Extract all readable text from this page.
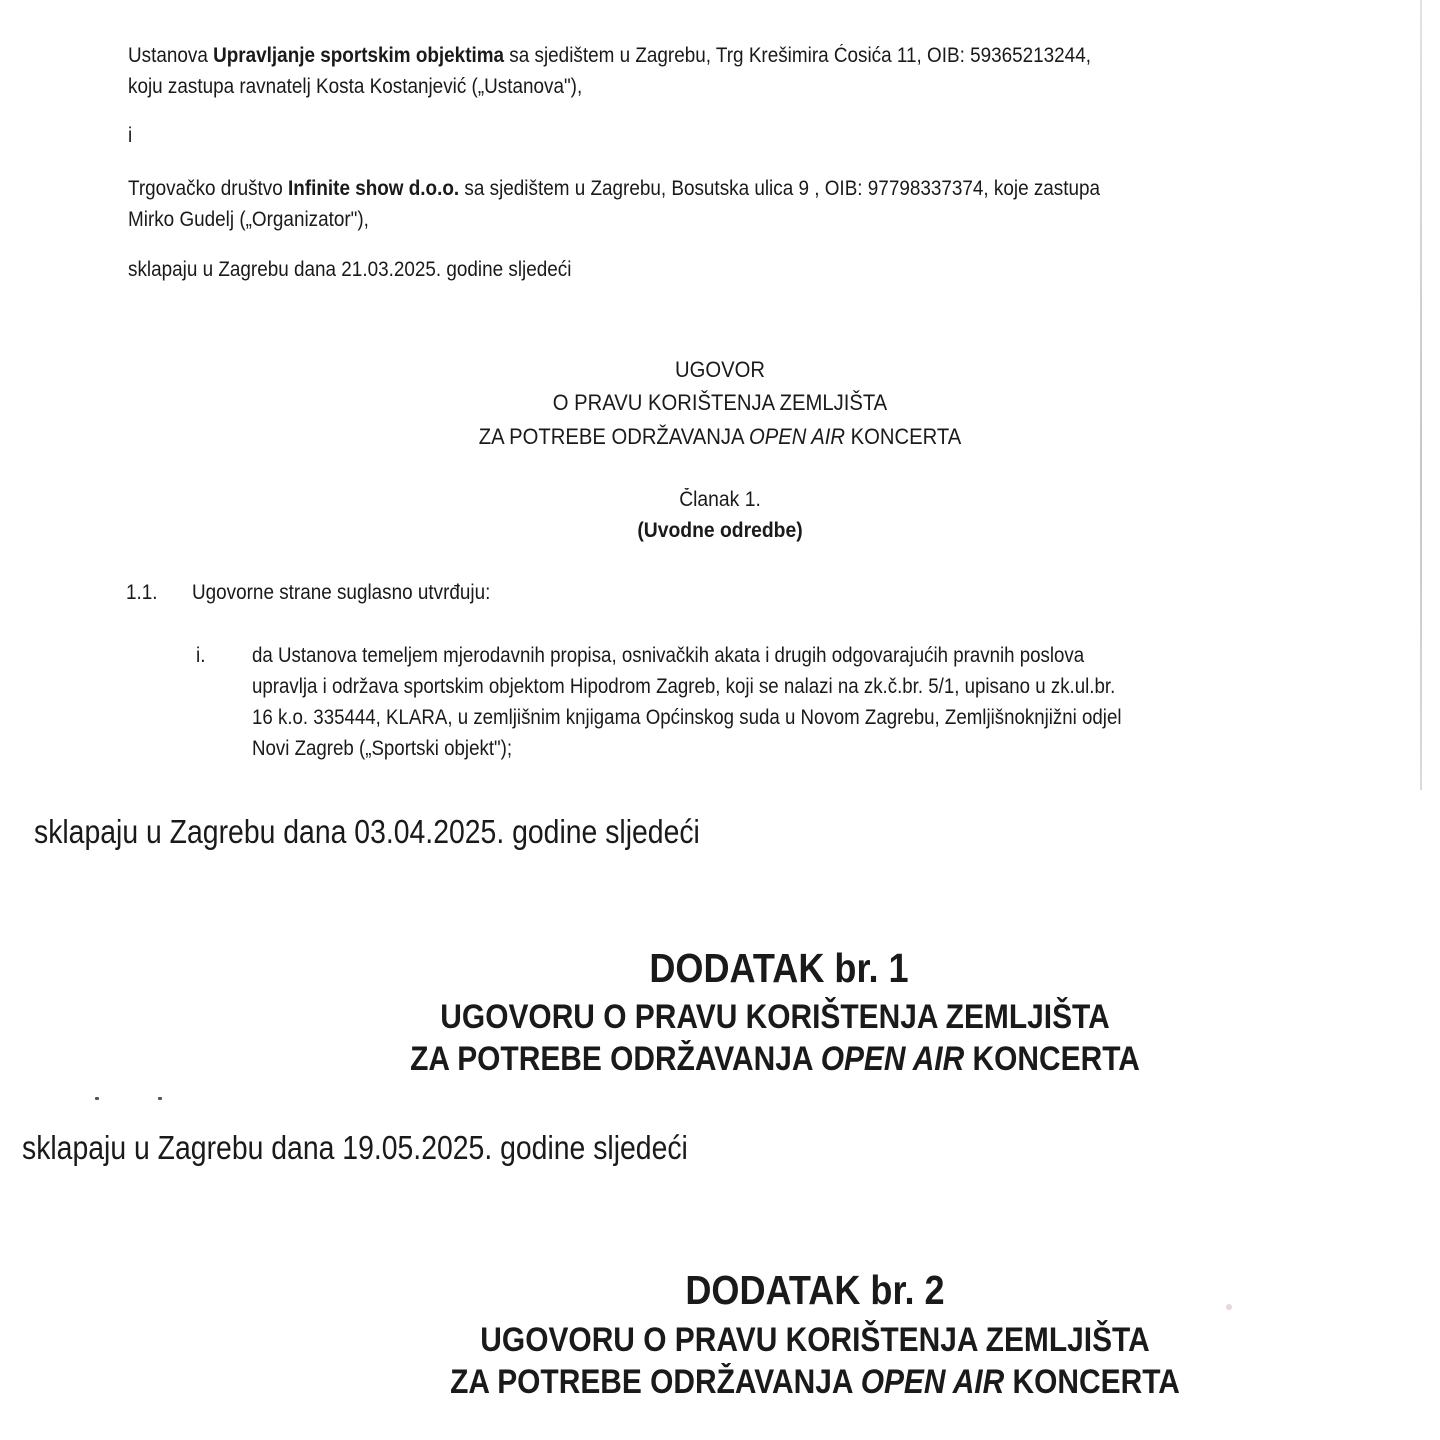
Ustanova Upravljanje sportskim objektima sa sjedištem u Zagrebu, Trg Krešimira Ćosića 11, OIB: 59365213244,
koju zastupa ravnatelj Kosta Kostanjević („Ustanova"),
i
Trgovačko društvo Infinite show d.o.o. sa sjedištem u Zagrebu, Bosutska ulica 9 , OIB: 97798337374, koje zastupa
Mirko Gudelj („Organizator"),
sklapaju u Zagrebu dana 21.03.2025. godine sljedeći
UGOVOR
O PRAVU KORIŠTENJA ZEMLJIŠTA
ZA POTREBE ODRŽAVANJA OPEN AIR KONCERTA
Članak 1.
(Uvodne odredbe)
1.1. Ugovorne strane suglasno utvrđuju:
i. da Ustanova temeljem mjerodavnih propisa, osnivačkih akata i drugih odgovarajućih pravnih poslova
upravlja i održava sportskim objektom Hipodrom Zagreb, koji se nalazi na zk.č.br. 5/1, upisano u zk.ul.br.
16 k.o. 335444, KLARA, u zemljišnim knjigama Općinskog suda u Novom Zagrebu, Zemljišnoknjižni odjel
Novi Zagreb („Sportski objekt");
sklapaju u Zagrebu dana 03.04.2025. godine sljedeći
DODATAK br. 1
UGOVORU O PRAVU KORIŠTENJA ZEMLJIŠTA
ZA POTREBE ODRŽAVANJA OPEN AIR KONCERTA
sklapaju u Zagrebu dana 19.05.2025. godine sljedeći
DODATAK br. 2
UGOVORU O PRAVU KORIŠTENJA ZEMLJIŠTA
ZA POTREBE ODRŽAVANJA OPEN AIR KONCERTA
